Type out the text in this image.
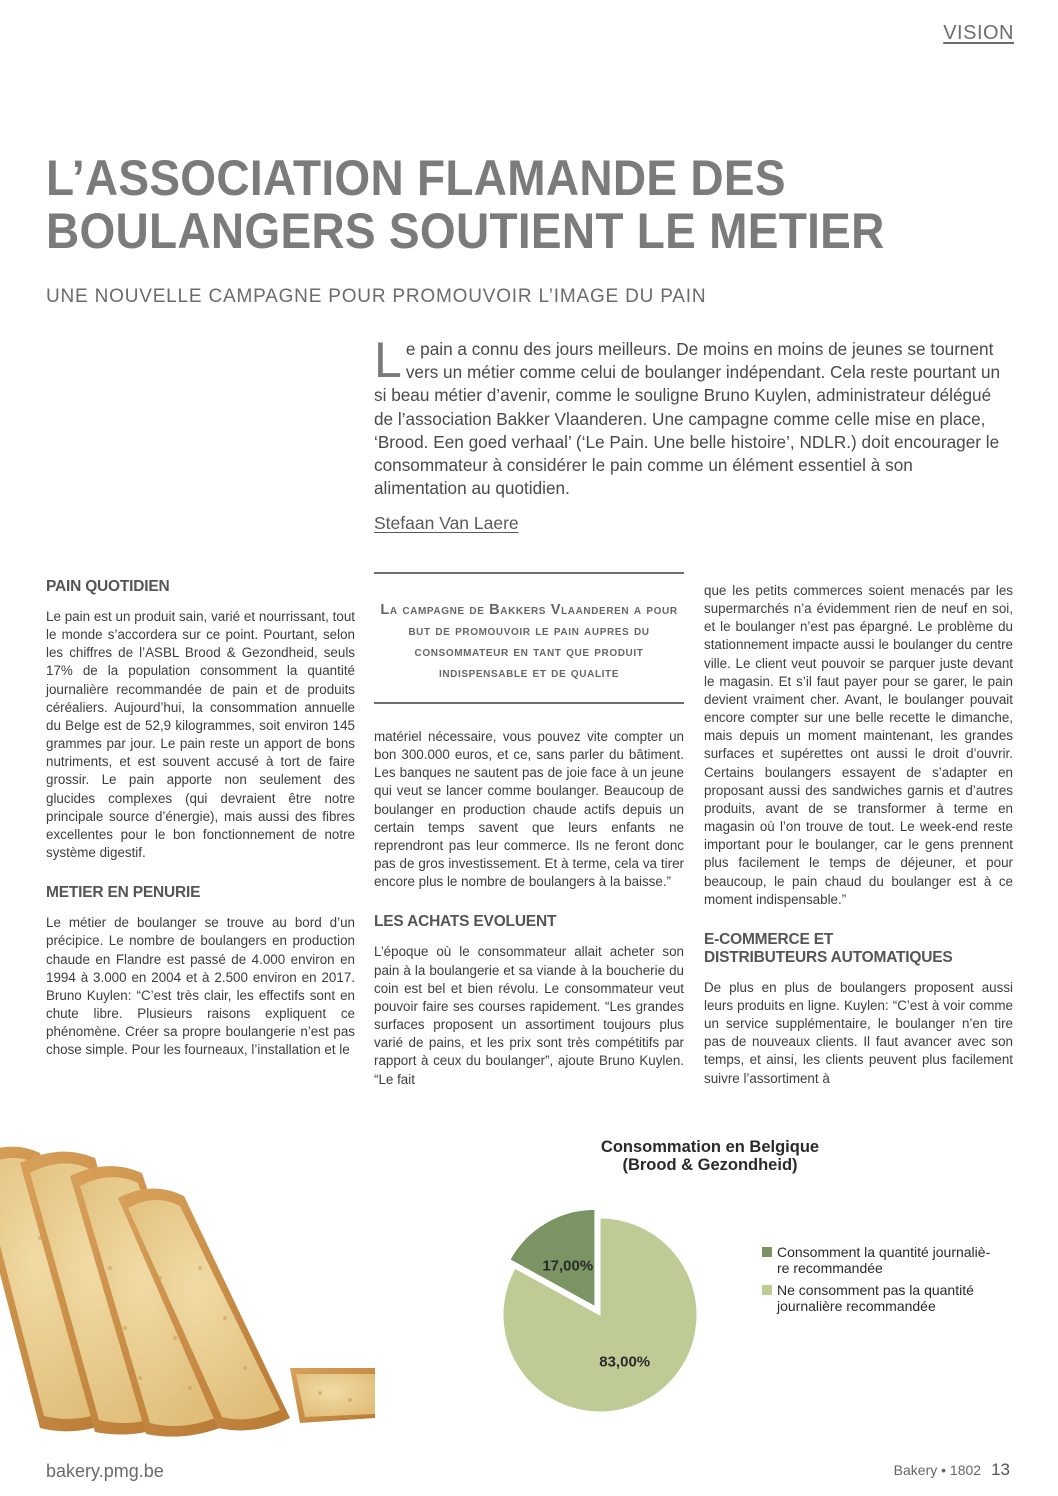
VISION
L’ASSOCIATION FLAMANDE DES
BOULANGERS SOUTIENT LE METIER
UNE NOUVELLE CAMPAGNE POUR PROMOUVOIR L’IMAGE DU PAIN
L e pain a connu des jours meilleurs. De moins en moins de jeunes se tournent vers un métier comme celui de boulanger indépendant. Cela reste pourtant un si beau métier d’avenir, comme le souligne Bruno Kuylen, administrateur délégué de l’association Bakker Vlaanderen. Une campagne comme celle mise en place, ‘Brood. Een goed verhaal’ (‘Le Pain. Une belle histoire’, NDLR.) doit encourager le consommateur à considérer le pain comme un élément essentiel à son alimentation au quotidien.

Stefaan Van Laere
PAIN QUOTIDIEN

Le pain est un produit sain, varié et nourrissant, tout le monde s’accordera sur ce point. Pourtant, selon les chiffres de l’ASBL Brood & Gezondheid, seuls 17% de la population consomment la quantité journalière recommandée de pain et de produits céréaliers. Aujourd’hui, la consommation annuelle du Belge est de 52,9 kilogrammes, soit environ 145 grammes par jour. Le pain reste un apport de bons nutriments, et est souvent accusé à tort de faire grossir. Le pain apporte non seulement des glucides complexes (qui devraient être notre principale source d’énergie), mais aussi des fibres excellentes pour le bon fonctionnement de notre système digestif.

METIER EN PENURIE

Le métier de boulanger se trouve au bord d’un précipice. Le nombre de boulangers en production chaude en Flandre est passé de 4.000 environ en 1994 à 3.000 en 2004 et à 2.500 environ en 2017. Bruno Kuylen: “C’est très clair, les effectifs sont en chute libre. Plusieurs raisons expliquent ce phénomène. Créer sa propre boulangerie n’est pas chose simple. Pour les fourneaux, l’installation et le

La campagne de Bakkers Vlaanderen a pour but de promouvoir le pain aupres du consommateur en tant que produit indispensable et de qualite

matériel nécessaire, vous pouvez vite compter un bon 300.000 euros, et ce, sans parler du bâtiment. Les banques ne sautent pas de joie face à un jeune qui veut se lancer comme boulanger. Beaucoup de boulanger en production chaude actifs depuis un certain temps savent que leurs enfants ne reprendront pas leur commerce. Ils ne feront donc pas de gros investissement. Et à terme, cela va tirer encore plus le nombre de boulangers à la baisse.”

LES ACHATS EVOLUENT

L’époque où le consommateur allait acheter son pain à la boulangerie et sa viande à la boucherie du coin est bel et bien révolu. Le consommateur veut pouvoir faire ses courses rapidement. “Les grandes surfaces proposent un assortiment toujours plus varié de pains, et les prix sont très compétitifs par rapport à ceux du boulanger”, ajoute Bruno Kuylen. “Le fait

que les petits commerces soient menacés par les supermarchés n’a évidemment rien de neuf en soi, et le boulanger n’est pas épargné. Le problème du stationnement impacte aussi le boulanger du centre ville. Le client veut pouvoir se parquer juste devant le magasin. Et s’il faut payer pour se garer, le pain devient vraiment cher. Avant, le boulanger pouvait encore compter sur une belle recette le dimanche, mais depuis un moment maintenant, les grandes surfaces et supérettes ont aussi le droit d’ouvrir. Certains boulangers essayent de s’adapter en proposant aussi des sandwiches garnis et d’autres produits, avant de se transformer à terme en magasin où l’on trouve de tout. Le week-end reste important pour le boulanger, car le gens prennent plus facilement le temps de déjeuner, et pour beaucoup, le pain chaud du boulanger est à ce moment indispensable.”

E-COMMERCE ET
DISTRIBUTEURS AUTOMATIQUES

De plus en plus de boulangers proposent aussi leurs produits en ligne. Kuylen: “C’est à voir comme un service supplémentaire, le boulanger n’en tire pas de nouveaux clients. Il faut avancer avec son temps, et ainsi, les clients peuvent plus facilement suivre l’assortiment à

Consommation en Belgique
(Brood & Gezondheid)
17,00%
83,00%
Consomment la quantité journaliè-
re recommandée
Ne consomment pas la quantité
journalière recommandée
bakery.pmg.be	Bakery • 1802 13
